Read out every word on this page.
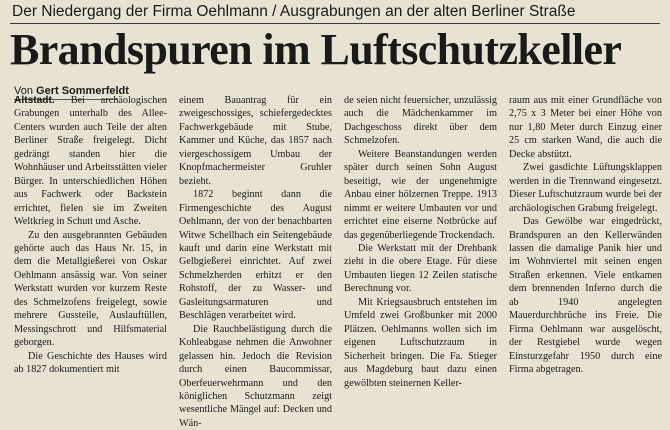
Der Niedergang der Firma Oehlmann / Ausgrabungen an der alten Berliner Straße
Brandspuren im Luftschutzkeller
Von Gert Sommerfeldt

Altstadt. Bei archäologischen Grabungen unterhalb des Allee-Centers wurden auch Teile der alten Berliner Straße freigelegt. Dicht gedrängt standen hier die Wohnhäuser und Arbeitsstätten vieler Bürger. In unterschiedlichen Höhen aus Fachwerk oder Backstein errichtet, fielen sie im Zweiten Weltkrieg in Schutt und Asche.

Zu den ausgebrannten Gebäuden gehörte auch das Haus Nr. 15, in dem die Metallgießerei von Oskar Oehlmann ansässig war. Von seiner Werkstatt wurden vor kurzem Reste des Schmelzofens freigelegt, sowie mehrere Gussteile, Auslauftüllen, Messingschrott und Hilfsmaterial geborgen.

Die Geschichte des Hauses wird ab 1827 dokumentiert mit

einem Bauantrag für ein zweigeschossiges, schiefergedecktes Fachwerkgebäude mit Stube, Kammer und Küche, das 1857 nach viergeschossigem Umbau der Knopfmachermeister Gruhler bezieht.

1872 beginnt dann die Firmengeschichte des August Oehlmann, der von der benachbarten Witwe Schellbach ein Seitengebäude kauft und darin eine Werkstatt mit Gelbgießerei einrichtet. Auf zwei Schmelzherden erhitzt er den Rohstoff, der zu Wasser- und Gasleitungsarmaturen und Beschlägen verarbeitet wird.

Die Rauchbelästigung durch die Kohleabgase nehmen die Anwohner gelassen hin. Jedoch die Revision durch einen Baucommissar, Oberfeuerwehrmann und den königlichen Schutzmann zeigt wesentliche Mängel auf: Decken und Wän-

de seien nicht feuersicher, unzulässig auch die Mädchenkammer im Dachgeschoss direkt über dem Schmelzofen.

Weitere Beanstandungen werden später durch seinen Sohn August beseitigt, wie der ungenehmigte Anbau einer hölzernen Treppe. 1913 nimmt er weitere Umbauten vor und errichtet eine eiserne Notbrücke auf das gegenüberliegende Trockendach.

Die Werkstatt mit der Drehbank zieht in die obere Etage. Für diese Umbauten liegen 12 Zeilen statische Berechnung vor.

Mit Kriegsausbruch entstehen im Umfeld zwei Großbunker mit 2000 Plätzen. Oehlmanns wollen sich im eigenen Luftschutzraum in Sicherheit bringen. Die Fa. Stieger aus Magdeburg baut dazu einen gewölbten steinernen Keller-

raum aus mit einer Grundfläche von 2,75 x 3 Meter bei einer Höhe von nur 1,80 Meter durch Einzug einer 25 cm starken Wand, die auch die Decke abstützt.

Zwei gasdichte Lüftungsklappen werden in die Trennwand eingesetzt. Dieser Luftschutzraum wurde bei der archäologischen Grabung freigelegt.

Das Gewölbe war eingedrückt, Brandspuren an den Kellerwänden lassen die damalige Panik hier und im Wohnviertel mit seinen engen Straßen erkennen. Viele entkamen dem brennenden Inferno durch die ab 1940 angelegten Mauerdurchbrüche ins Freie. Die Firma Oehlmann war ausgelöscht, der Restgiebel wurde wegen Einsturzgefahr 1950 durch eine Firma abgetragen.
